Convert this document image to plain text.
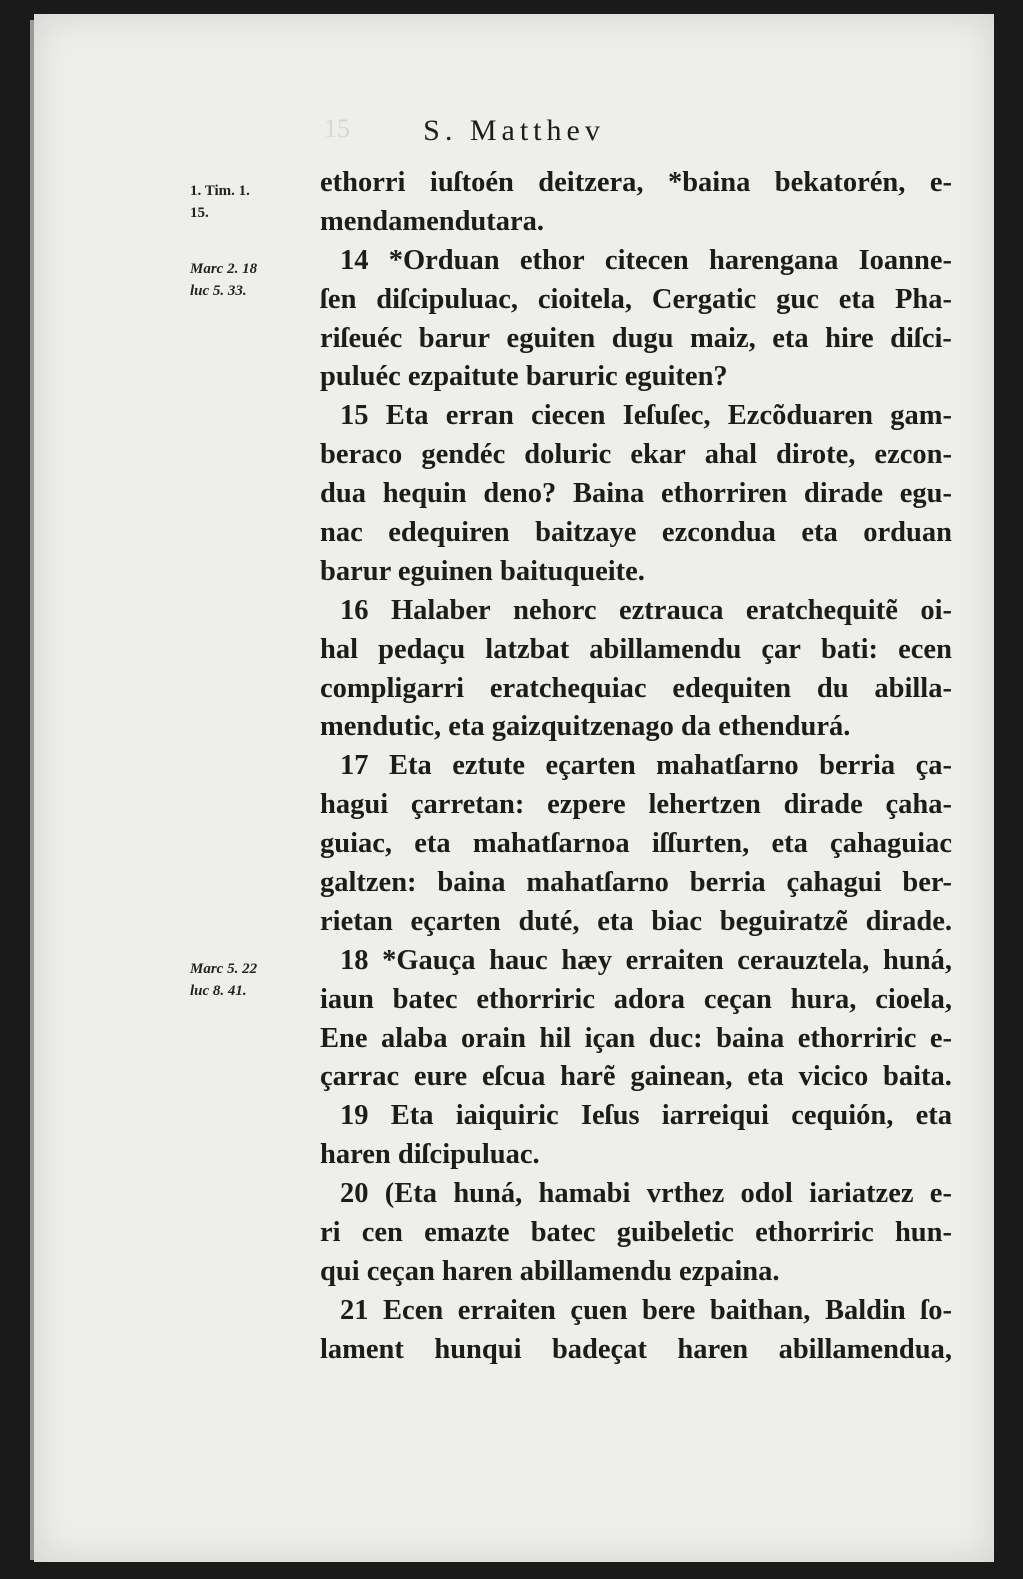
15	S. Matthev
1. Tim. 1.
15.
Marc 2. 18
luc 5. 33.
Marc 5. 22
luc 8. 41.
ethorri iuſtoén deitzera, *baina bekatorén, e-
mendamendutara.
14 *Orduan ethor citecen harengana Ioanne-
ſen diſcipuluac, cioitela, Cergatic guc eta Pha-
riſeuéc barur eguiten dugu maiz, eta hire diſci-
puluéc ezpaitute baruric eguiten?
15 Eta erran ciecen Ieſuſec, Ezcõduaren gam-
beraco gendéc doluric ekar ahal dirote, ezcon-
dua hequin deno? Baina ethorriren dirade egu-
nac edequiren baitzaye ezcondua eta orduan
barur eguinen baituqueite.
16 Halaber nehorc eztrauca eratchequitẽ oi-
hal pedaçu latzbat abillamendu çar bati: ecen
compligarri eratchequiac edequiten du abilla-
mendutic, eta gaizquitzenago da ethendurá.
17 Eta eztute eçarten mahatſarno berria ça-
hagui çarretan: ezpere lehertzen dirade çaha-
guiac, eta mahatſarnoa iſſurten, eta çahaguiac
galtzen: baina mahatſarno berria çahagui ber-
rietan eçarten duté, eta biac beguiratzẽ dirade.
18 *Gauça hauc hæy erraiten cerauztela, huná,
iaun batec ethorriric adora ceçan hura, cioela,
Ene alaba orain hil içan duc: baina ethorriric e-
çarrac eure eſcua harẽ gainean, eta vicico baita.
19 Eta iaiquiric Ieſus iarreiqui cequión, eta
haren diſcipuluac.
20 (Eta huná, hamabi vrthez odol iariatzez e-
ri cen emazte batec guibeletic ethorriric hun-
qui ceçan haren abillamendu ezpaina.
21 Ecen erraiten çuen bere baithan, Baldin ſo-
lament hunqui badeçat haren abillamendua,
